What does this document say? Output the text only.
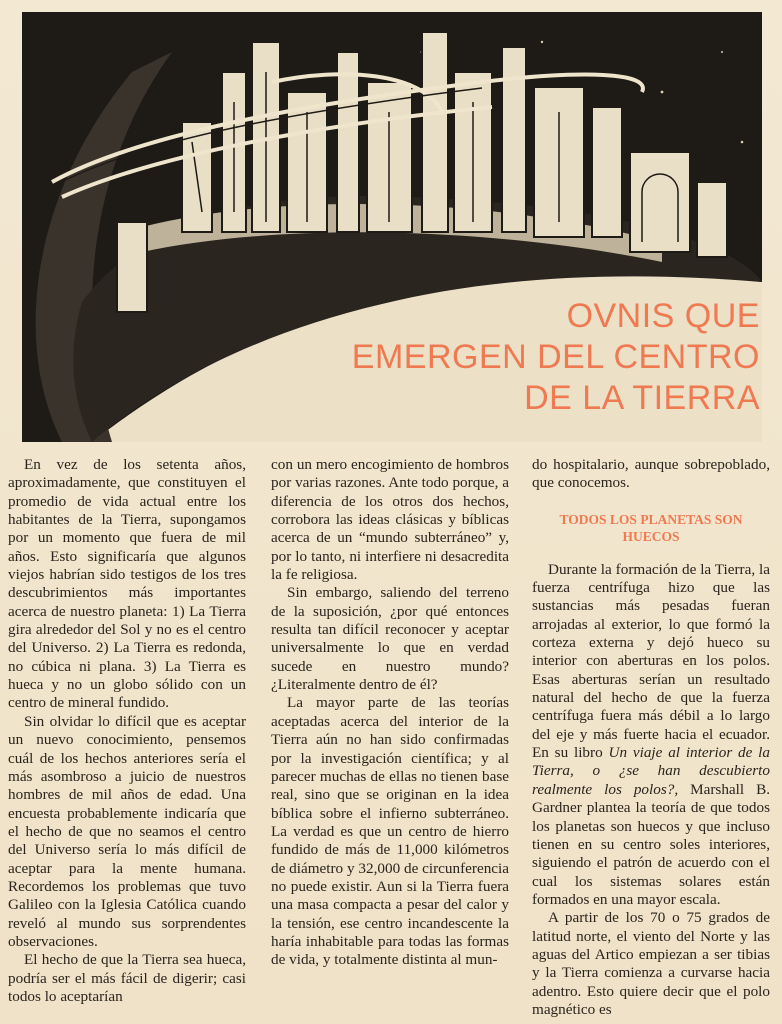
OVNIS QUE
EMERGEN DEL CENTRO
DE LA TIERRA

En vez de los setenta años, aproximadamente, que constituyen el promedio de vida actual entre los habitantes de la Tierra, supongamos por un momento que fuera de mil años. Esto significaría que algunos viejos habrían sido testigos de los tres descubrimientos más importantes acerca de nuestro planeta: 1) La Tierra gira alrededor del Sol y no es el centro del Universo. 2) La Tierra es redonda, no cúbica ni plana. 3) La Tierra es hueca y no un globo sólido con un centro de mineral fundido.

Sin olvidar lo difícil que es aceptar un nuevo conocimiento, pensemos cuál de los hechos anteriores sería el más asombroso a juicio de nuestros hombres de mil años de edad. Una encuesta probablemente indicaría que el hecho de que no seamos el centro del Universo sería lo más difícil de aceptar para la mente humana. Recordemos los problemas que tuvo Galileo con la Iglesia Católica cuando reveló al mundo sus sorprendentes observaciones.

El hecho de que la Tierra sea hueca, podría ser el más fácil de digerir; casi todos lo aceptarían

con un mero encogimiento de hombros por varias razones. Ante todo porque, a diferencia de los otros dos hechos, corrobora las ideas clásicas y bíblicas acerca de un “mundo subterráneo” y, por lo tanto, ni interfiere ni desacredita la fe religiosa.

Sin embargo, saliendo del terreno de la suposición, ¿por qué entonces resulta tan difícil reconocer y aceptar universalmente lo que en verdad sucede en nuestro mundo? ¿Literalmente dentro de él?

La mayor parte de las teorías aceptadas acerca del interior de la Tierra aún no han sido confirmadas por la investigación científica; y al parecer muchas de ellas no tienen base real, sino que se originan en la idea bíblica sobre el infierno subterráneo. La verdad es que un centro de hierro fundido de más de 11,000 kilómetros de diámetro y 32,000 de circunferencia no puede existir. Aun si la Tierra fuera una masa compacta a pesar del calor y la tensión, ese centro incandescente la haría inhabitable para todas las formas de vida, y totalmente distinta al mun-

do hospitalario, aunque sobrepoblado, que conocemos.

TODOS LOS PLANETAS SON HUECOS

Durante la formación de la Tierra, la fuerza centrífuga hizo que las sustancias más pesadas fueran arrojadas al exterior, lo que formó la corteza externa y dejó hueco su interior con aberturas en los polos. Esas aberturas serían un resultado natural del hecho de que la fuerza centrífuga fuera más débil a lo largo del eje y más fuerte hacia el ecuador. En su libro Un viaje al interior de la Tierra, o ¿se han descubierto realmente los polos?, Marshall B. Gardner plantea la teoría de que todos los planetas son huecos y que incluso tienen en su centro soles interiores, siguiendo el patrón de acuerdo con el cual los sistemas solares están formados en una mayor escala.

A partir de los 70 o 75 grados de latitud norte, el viento del Norte y las aguas del Artico empiezan a ser tibias y la Tierra comienza a curvarse hacia adentro. Esto quiere decir que el polo magnético es
